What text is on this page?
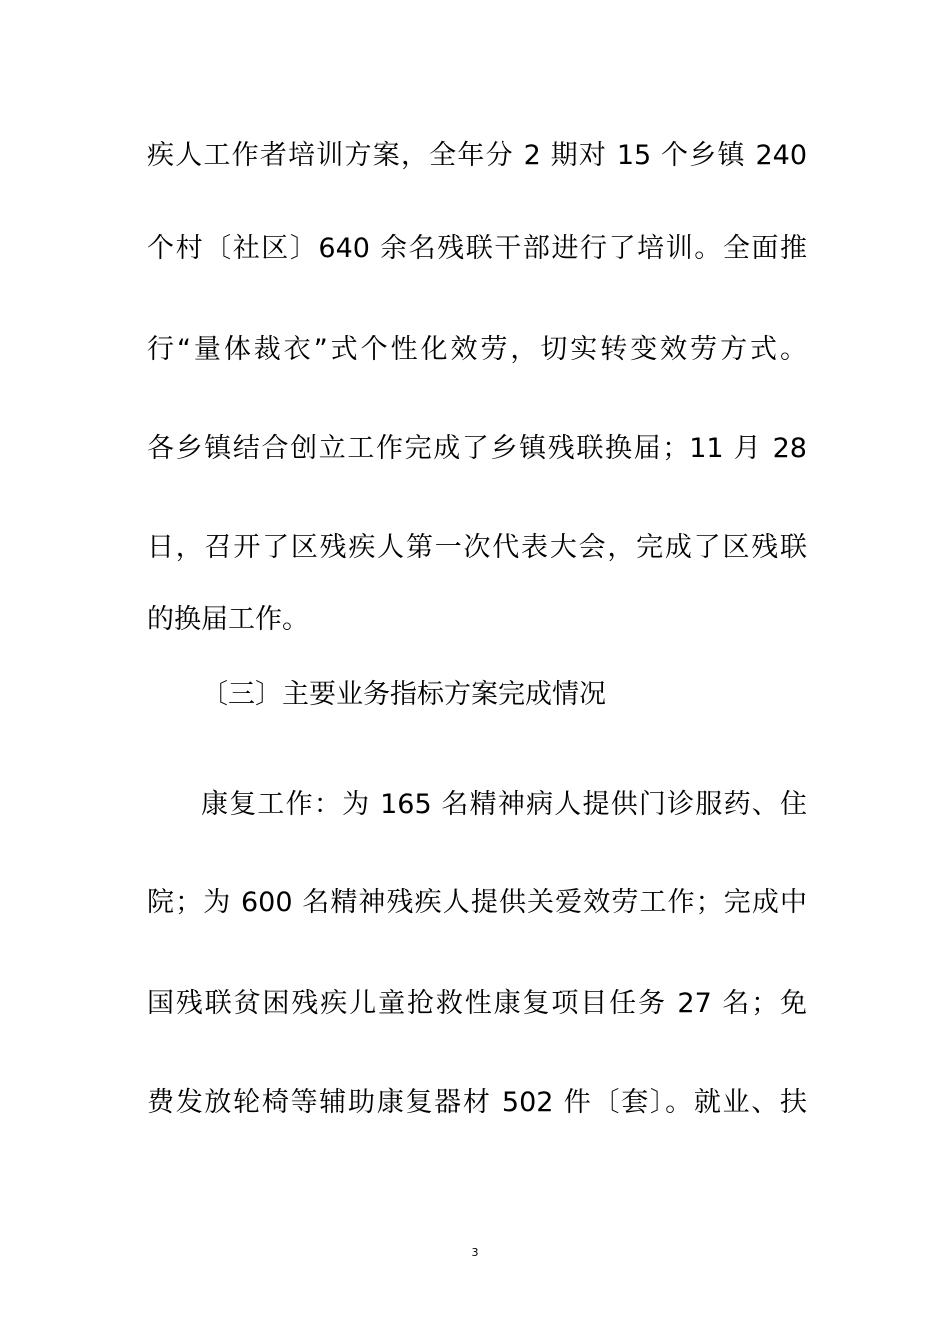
疾人工作者培训方案，全年分 2 期对 15 个乡镇 240
个村〔社区〕640 余名残联干部进行了培训。全面推
行“量体裁衣”式个性化效劳，切实转变效劳方式。
各乡镇结合创立工作完成了乡镇残联换届；11 月 28
日，召开了区残疾人第一次代表大会，完成了区残联
的换届工作。
〔三〕主要业务指标方案完成情况
康复工作：为 165 名精神病人提供门诊服药、住
院；为 600 名精神残疾人提供关爱效劳工作；完成中
国残联贫困残疾儿童抢救性康复项目任务 27 名；免
费发放轮椅等辅助康复器材 502 件〔套〕。就业、扶
3
